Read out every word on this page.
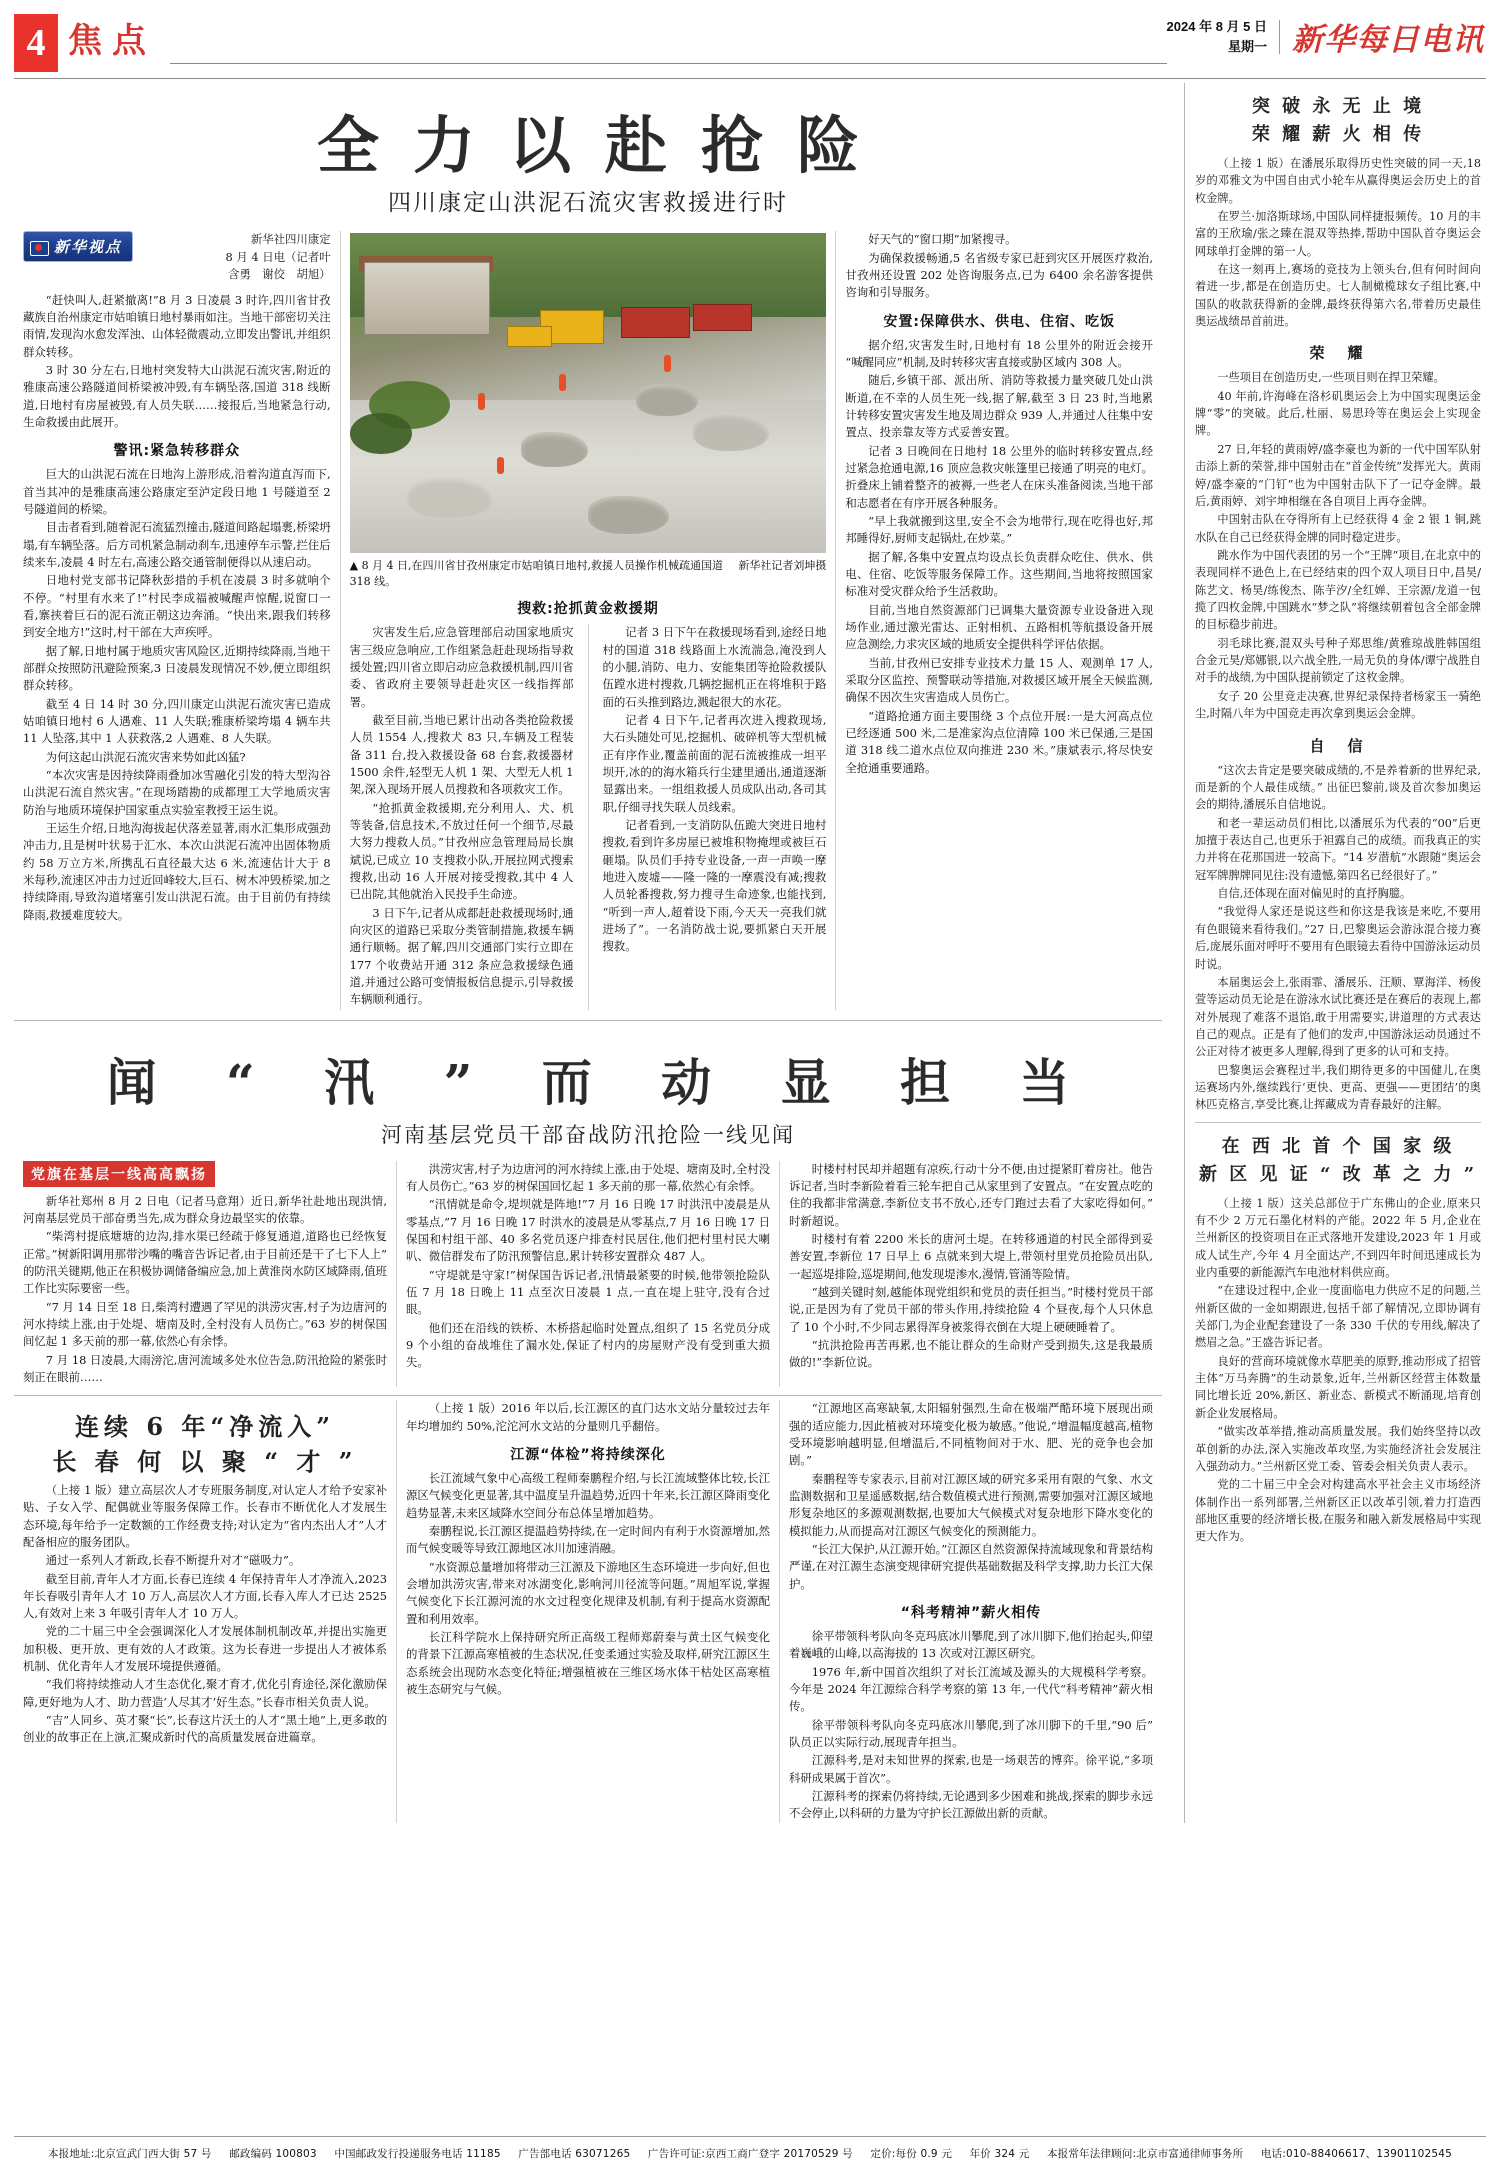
4 焦点	2024 年 8 月 5 日
星期一 新华每日电讯
全力以赴抢险
四川康定山洪泥石流灾害救援进行时
新华视点	新华社四川康定
8 月 4 日电（记者叶
含勇　谢佼　胡旭）

“赶快叫人,赶紧撤离!”8 月 3 日凌晨 3 时许,四川省甘孜藏族自治州康定市姑咱镇日地村暴雨如注。当地干部密切关注雨情,发现沟水愈发浑浊、山体轻微震动,立即发出警讯,并组织群众转移。

3 时 30 分左右,日地村突发特大山洪泥石流灾害,附近的雅康高速公路隧道间桥梁被冲毁,有车辆坠落,国道 318 线断道,日地村有房屋被毁,有人员失联……接报后,当地紧急行动,生命救援由此展开。

警讯:紧急转移群众

巨大的山洪泥石流在日地沟上游形成,沿着沟道直泻而下,首当其冲的是雅康高速公路康定至泸定段日地 1 号隧道至 2 号隧道间的桥梁。

目击者看到,随着泥石流猛烈撞击,隧道间路起塌裹,桥梁坍塌,有车辆坠落。后方司机紧急制动刹车,迅速停车示警,拦住后续来车,凌晨 4 时左右,高速公路交通管制便得以从速启动。

日地村党支部书记降秋彭措的手机在凌晨 3 时多就响个不停。“村里有水来了!”村民李成福被喊醒声惊醒,说窗口一看,寨挟着巨石的泥石流正朝这边奔涌。“快出来,跟我们转移到安全地方!”这时,村干部在大声疾呼。

据了解,日地村属于地质灾害风险区,近期持续降雨,当地干部群众按照防汛避险预案,3 日凌晨发现情况不妙,便立即组织群众转移。

截至 4 日 14 时 30 分,四川康定山洪泥石流灾害已造成姑咱镇日地村 6 人遇难、11 人失联;雅康桥梁垮塌 4 辆车共 11 人坠落,其中 1 人获救落,2 人遇难、8 人失联。

为何这起山洪泥石流灾害来势如此凶猛?

“本次灾害是因持续降雨叠加冰雪融化引发的特大型沟谷山洪泥石流自然灾害。”在现场踏勘的成都理工大学地质灾害防治与地质环境保护国家重点实验室教授王运生说。

王运生介绍,日地沟海拔起伏落差显著,雨水汇集形成强劲冲击力,且是树叶状易于汇水、本次山洪泥石流冲出固体物质约 58 万立方米,所携乱石直径最大达 6 米,流速估计大于 8 米每秒,流速区冲击力过近回峰较大,巨石、树木冲毁桥梁,加之持续降雨,导致沟道堵塞引发山洪泥石流。由于目前仍有持续降雨,救援难度较大。

▲ 8 月 4 日,在四川省甘孜州康定市姑咱镇日地村,救援人员操作机械疏通国道 318 线。
新华社记者刘坤摄
搜救:抢抓黄金救援期

灾害发生后,应急管理部启动国家地质灾害三级应急响应,工作组紧急赶赴现场指导救援处置;四川省立即启动应急救援机制,四川省委、省政府主要领导赶赴灾区一线指挥部署。

截至目前,当地已累计出动各类抢险救援人员 1554 人,搜救犬 83 只,车辆及工程装备 311 台,投入救援设备 68 台套,救援器材 1500 余件,轻型无人机 1 架、大型无人机 1 架,深入现场开展人员搜救和各项救灾工作。

“抢抓黄金救援期,充分利用人、犬、机 等装备,信息技术,不放过任何一个细节,尽最大努力搜救人员。”甘孜州应急管理局局长旗斌说,已成立 10 支搜救小队,开展拉网式搜索搜救,出动 16 人开展对接受搜救,其中 4 人已出院,其他就治入民投手生命迹。

3 日下午,记者从成都赶赴救援现场时,通向灾区的道路已采取分类管制措施,救援车辆通行顺畅。据了解,四川交通部门实行立即在 177 个收费站开通 312 条应急救援绿色通道,并通过公路可变情报板信息提示,引导救援车辆顺利通行。

记者 3 日下午在救援现场看到,途经日地村的国道 318 线路面上水流湍急,淹没到人的小腿,消防、电力、安能集团等抢险救援队伍蹚水进村搜救,几辆挖掘机正在将堆积于路面的石头推到路边,溅起很大的水花。

记者 4 日下午,记者再次进入搜救现场,大石头随处可见,挖掘机、破碎机等大型机械正有序作业,覆盖前面的泥石流被推成一坦平坝开,冰的的海水箱兵行尘建里通出,通道逐渐显露出来。一组组救援人员成队出动,各司其职,仔细寻找失联人员线索。

记者看到,一支消防队伍跪大突进日地村搜救,看到许多房屋已被堆积物掩埋或被巨石砸塌。队员们手持专业设备,一声一声唤一摩地进入废墟——隆一隆的一摩震没有减;搜救人员轮番搜救,努力搜寻生命迹象,也能找到,“听到一声人,超着设下雨,今天天一亮我们就进场了”。一名消防战士说,要抓紧白天开展搜救。

好天气的“窗口期”加紧搜寻。

为确保救援畅通,5 名省级专家已赶到灾区开展医疗救治,甘孜州还设置 202 处咨询服务点,已为 6400 余名游客提供咨询和引导服务。

安置:保障供水、供电、住宿、吃饭

据介绍,灾害发生时,日地村有 18 公里外的附近会接开“喊醒同应”机制,及时转移灾害直接或胁区域内 308 人。

随后,乡镇干部、派出所、消防等救援力量突破几处山洪断道,在不幸的人员生死一线,据了解,截至 3 日 23 时,当地累计转移安置灾害发生地及周边群众 939 人,并通过人往集中安置点、投亲靠友等方式妥善安置。

记者 3 日晚间在日地村 18 公里外的临时转移安置点,经过紧急抢通电源,16 顶应急救灾帐篷里已接通了明亮的电灯。折叠床上铺着整齐的被褥,一些老人在床头准备阅读,当地干部和志愿者在有序开展各种服务。

“早上我就搬到这里,安全不会为地带行,现在吃得也好,邦邦睡得好,厨师支起锅灶,在炒菜。”

据了解,各集中安置点均设点长负责群众吃住、供水、供电、住宿、吃饭等服务保障工作。这些期间,当地将按照国家标准对受灾群众给予生活救助。

目前,当地自然资源部门已调集大量资源专业设备进入现场作业,通过激光雷达、正射相机、五路相机等航摄设备开展应急测绘,力求灾区域的地质安全提供科学评估依据。

当前,甘孜州已安排专业技术力量 15 人、观测单 17 人,采取分区监控、预警联动等措施,对救援区域开展全天候监测,确保不因次生灾害造成人员伤亡。

“道路抢通方面主要围绕 3 个点位开展:一是大河高点位已经逐通 500 米,二是准家沟点位清障 100 米已保通,三是国道 318 线二道水点位双向推进 230 米。”康斌表示,将尽快安全抢通重要通路。

闻 “ 汛 ” 而 动 显 担 当
河南基层党员干部奋战防汛抢险一线见闻
党旗在基层一线高高飘扬

新华社郑州 8 月 2 日电（记者马意翔）近日,新华社赴地出现洪情,河南基层党员干部奋勇当先,成为群众身边最坚实的依靠。

“柴湾村提底塘塘的边沟,排水渠已经疏于修复通道,道路也已经恢复正常。”树新阳调用那带沙嘴的嘴音告诉记者,由于目前还是干了七下人上”的防汛关键期,他正在积极协调储备编应急,加上黄淮岗水防区域降雨,值班工作比实际要密一些。

“7 月 14 日至 18 日,柴湾村遭遇了罕见的洪涝灾害,村子为边唐河的河水持续上涨,由于处堤、塘南及时,全村没有人员伤亡。”63 岁的树保国间忆起 1 多天前的那一幕,依然心有余悸。

7 月 18 日凌晨,大雨滂沱,唐河流域多处水位告急,防汛抢险的紧张时刻正在眼前……

洪涝灾害,村子为边唐河的河水持续上涨,由于处堤、塘南及时,全村没有人员伤亡。”63 岁的树保国回忆起 1 多天前的那一幕,依然心有余悸。

“汛情就是命令,堤坝就是阵地!”7 月 16 日晚 17 时洪汛中凌晨是从零基点,”7 月 16 日晚 17 时洪水的凌晨是从零基点,7 月 16 日晚 17 日保国和村组干部、40 多名党员逐户排查村民居住,他们把村里村民大喇叭、微信群发布了防汛预警信息,累计转移安置群众 487 人。

“守堤就是守家!”树保国告诉记者,汛情最紧要的时候,他带领抢险队伍 7 月 18 日晚上 11 点至次日凌晨 1 点,一直在堤上驻守,没有合过眼。

他们还在沿线的铁桥、木桥搭起临时处置点,组织了 15 名党员分成 9 个小组的奋战堆住了漏水处,保证了村内的房屋财产没有受到重大损失。

时楼村村民却并超题有凉疾,行动十分不便,由过提紧盯着房社。他告诉记者,当时李新险着看三轮车把自己从家里到了安置点。“在安置点吃的住的我都非常满意,李新位支书不放心,还专门跑过去看了大家吃得如何。”时新超说。

时楼村有着 2200 米长的唐河土堤。在转移通道的村民全部得到妥善安置,李新位 17 日早上 6 点就来到大堤上,带领村里党员抢险员出队,一起巡堤排险,巡堤期间,他发现堤渗水,漫情,管涌等险情。

“越到关键时刻,越能体现党组织和党员的责任担当。”时楼村党员干部说,正是因为有了党员干部的带头作用,持续抢险 4 个昼夜,每个人只休息了 10 个小时,不少同志累得浑身被浆得衣倒在大堤上硬硬睡着了。

“抗洪抢险再苦再累,也不能让群众的生命财产受到损失,这是我最质做的!”李新位说。

连续 6 年“净流入”
长 春 何 以 聚 “ 才 ”

（上接 1 版）建立高层次人才专班服务制度,对认定人才给予安家补贴、子女入学、配偶就业等服务保障工作。长春市不断优化人才发展生态环境,每年给予一定数额的工作经费支持;对认定为“省内杰出人才”人才配备相应的服务团队。

通过一系列人才新政,长春不断提升对才“磁吸力”。

截至目前,青年人才方面,长春已连续 4 年保持青年人才净流入,2023 年长春吸引青年人才 10 万人,高层次人才方面,长春入库人才已达 2525 人,有效对上来 3 年吸引青年人才 10 万人。

党的二十届三中全会强调深化人才发展体制机制改革,并提出实施更加积极、更开放、更有效的人才政策。这为长春进一步提出人才被体系机制、优化青年人才发展环境提供遵循。

“我们将持续推动人才生态优化,聚才育才,优化引育途径,深化激励保障,更好地为人才、助力营造‘人尽其才’好生态。”长春市相关负责人说。

“吉”人同乡、英才聚“长”,长春这片沃土的人才“黑土地”上,更多敢的创业的故事正在上演,汇聚成新时代的高质量发展奋进篇章。

（上接 1 版）2016 年以后,长江源区的直门达水文站分量较过去年年均增加约 50%,沱沱河水文站的分量则几乎翻倍。

江源“体检”将持续深化

长江流域气象中心高级工程师秦鹏程介绍,与长江流域整体比较,长江源区气候变化更显著,其中温度呈升温趋势,近四十年来,长江源区降雨变化趋势显著,未来区域降水空间分布总体呈增加趋势。

秦鹏程说,长江源区提温趋势持续,在一定时间内有利于水资源增加,然而气候变暖等导致江源地区冰川加速消融。

“水资源总量增加将带动三江源及下游地区生态环境进一步向好,但也会增加洪涝灾害,带来对冰湖变化,影响河川径流等问题。”周旭军说,掌握气候变化下长江源河流的水文过程变化规律及机制,有利于提高水资源配置和利用效率。

长江科学院水上保持研究所正高级工程师郑蔚秦与黄土区气候变化的背景下江源高寒植被的生态状况,任变柔通过实验及取样,研究江源区生态系统会出现防水态变化特征;增强植被在三维区场水体干枯处区高寒植被生态研究与气候。

“江源地区高寒缺氧,太阳辐射强烈,生命在极端严酷环境下展现出顽强的适应能力,因此植被对环境变化极为敏感。”他说,“增温幅度越高,植物受环境影响越明显,但增温后,不同植物间对于水、肥、光的竞争也会加剧。”

秦鹏程等专家表示,目前对江源区域的研究多采用有限的气象、水文监测数据和卫星遥感数据,结合数值模式进行预测,需要加强对江源区域地形复杂地区的多源观测数据,也要加大气候模式对复杂地形下降水变化的模拟能力,从而提高对江源区气候变化的预测能力。

“长江大保护,从江源开始。”江源区自然资源保持流域现象和背景结构严谨,在对江源生态演变规律研究提供基础数据及科学支撑,助力长江大保护。

“科考精神”薪火相传

徐平带领科考队向冬克玛底冰川攀爬,到了冰川脚下,他们抬起头,仰望着巍峨的山峰,以高海拔的 13 次或对江源区研究。

1976 年,新中国首次组织了对长江流域及源头的大规模科学考察。今年是 2024 年江源综合科学考察的第 13 年,一代代“科考精神”薪火相传。

徐平带领科考队向冬克玛底冰川攀爬,到了冰川脚下的千里,“90 后”队员正以实际行动,展现青年担当。

江源科考,是对未知世界的探索,也是一场艰苦的博弈。徐平说,“多项科研成果属于首次”。

江源科考的探索仍将持续,无论遇到多少困难和挑战,探索的脚步永远不会停止,以科研的力量为守护长江源做出新的贡献。

突 破 永 无 止 境
荣 耀 薪 火 相 传

（上接 1 版）在潘展乐取得历史性突破的同一天,18 岁的邓雅文为中国自由式小轮车从赢得奥运会历史上的首枚金牌。

在罗兰·加洛斯球场,中国队同样捷报频传。10 月的丰富的王欣瑜/张之臻在混双等热捧,帮助中国队首夺奥运会网球单打金牌的第一人。

在这一刻再上,赛场的竞技为上领头台,但有何时间向着进一步,都是在创造历史。七人制橄榄球女子组比赛,中国队的收款获得新的金牌,最终获得第六名,带着历史最佳奥运战绩昂首前进。

荣　耀

一些项目在创造历史,一些项目则在捍卫荣耀。

40 年前,许海峰在洛杉矶奥运会上为中国实现奥运金牌“零”的突破。此后,杜丽、易思玲等在奥运会上实现金牌。

27 日,年轻的黄雨婷/盛李豪也为新的一代中国军队射击添上新的荣誉,排中国射击在“首金传统”发挥光大。黄雨婷/盛李豪的“门钉”也为中国射击队下了一记夺金牌。最后,黄雨婷、刘宇坤相继在各自项目上再夺金牌。

中国射击队在夺得所有上已经获得 4 金 2 银 1 铜,跳水队在自己已经获得金牌的同时稳定进步。

跳水作为中国代表团的另一个“王牌”项目,在北京中的表现同样不逊色上,在已经结束的四个双人项目日中,昌昊/陈艺文、杨昊/练俊杰、陈芋汐/全红婵、王宗源/龙道一包揽了四枚金牌,中国跳水“梦之队”将继续朝着包含全部金牌的目标稳步前进。

羽毛球比赛,混双头号种子郑思维/黄雅琼战胜韩国组合金元昊/郑娜银,以六战全胜,一局无负的身体/谭宁战胜自对手的战绩,为中国队提前锁定了这枚金牌。

女子 20 公里竞走决赛,世界纪录保持者杨家玉一骑绝尘,时隔八年为中国竞走再次拿到奥运会金牌。

自　信

“这次去肯定是要突破成绩的,不是养着新的世界纪录,而是新的个人最佳成绩。” 出征巴黎前,谈及首次参加奥运会的期待,潘展乐自信地说。

和老一辈运动员们相比,以潘展乐为代表的“00”后更加擅于表达自己,也更乐于袒露自己的成绩。而我真正的实力并将在花那国进一较高下。“14 岁潜航”水跟随“奥运会冠军牌脾牌同见往:没有遗憾,第四名已经很好了。”

自信,还体现在面对偏见时的直抒胸臆。

“我觉得人家还是说这些和你这是我该是来吃,不要用有色眼镜来看待我们。”27 日,巴黎奥运会游泳混合接力赛后,庞展乐面对呼吁不要用有色眼镜去看待中国游泳运动员时说。

本届奥运会上,张雨霏、潘展乐、汪顺、覃海洋、杨俊萱等运动员无论是在游泳水试比赛还是在赛后的表现上,都对外展现了难落不退馅,敢于用需要实,讲道理的方式表达自己的观点。正是有了他们的发声,中国游泳运动员通过不公正对待才被更多人理解,得到了更多的认可和支持。

巴黎奥运会赛程过半,我们期待更多的中国健儿,在奥运赛场内外,继续践行‘更快、更高、更强——更团结’的奥林匹克格言,享受比赛,让挥藏成为青春最好的注解。

在 西 北 首 个 国 家 级
新 区 见 证 “ 改 革 之 力 ”

（上接 1 版）这关总部位于广东佛山的企业,原来只有不少 2 万元石墨化材料的产能。2022 年 5 月,企业在兰州新区的投资项目在正式落地开发建设,2023 年 1 月或成人试生产,今年 4 月全面达产,不到四年时间迅速成长为业内重要的新能源汽车电池材料供应商。

“在建设过程中,企业一度面临电力供应不足的问题,兰州新区做的一金如期跟进,包括千部了解情况,立即协调有关部门,为企业配套建设了一条 330 千伏的专用线,解决了燃眉之急。”王盛告诉记者。

良好的营商环境就像水草肥美的原野,推动形成了招管主体“万马奔腾”的生动景象,近年,兰州新区经营主体数量同比增长近 20%,新区、新业态、新模式不断涌现,培育创新企业发展格局。

“做实改革举措,推动高质量发展。我们始终坚持以改革创新的办法,深入实施改革攻坚,为实施经济社会发展注入强劲动力。”兰州新区党工委、管委会相关负责人表示。

党的二十届三中全会对构建高水平社会主义市场经济体制作出一系列部署,兰州新区正以改革引领,着力打造西部地区重要的经济增长极,在服务和融入新发展格局中实现更大作为。

本报地址:北京宣武门西大街 57 号 邮政编码 100803 中国邮政发行投递服务电话 11185 广告部电话 63071265 广告许可证:京西工商广登字 20170529 号 定价:每份 0.9 元 年价 324 元 本报常年法律顾问:北京市富通律师事务所 电话:010-88406617、13901102545
